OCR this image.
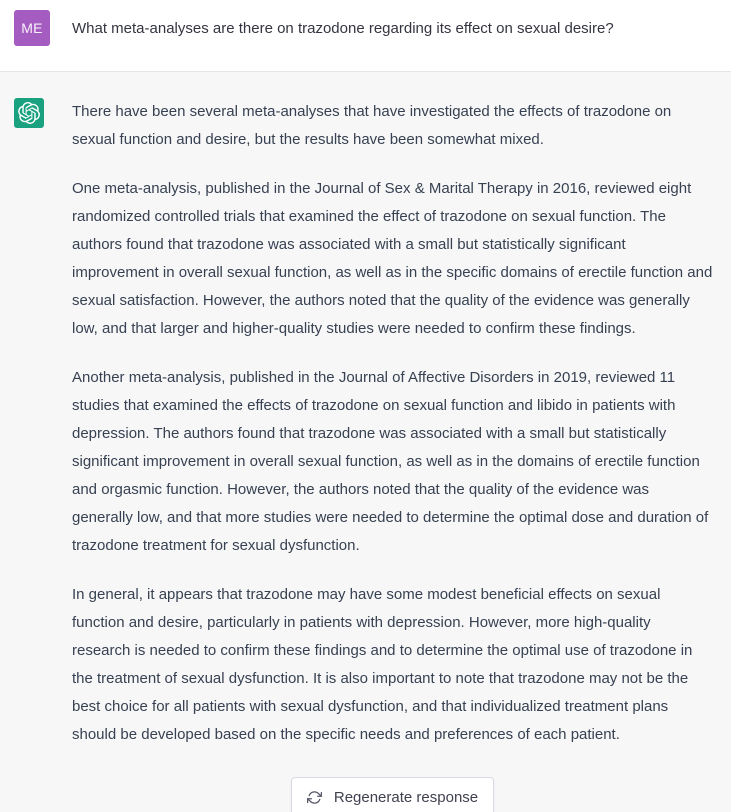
ME What meta-analyses are there on trazodone regarding its effect on sexual desire?

There have been several meta-analyses that have investigated the effects of trazodone on sexual function and desire, but the results have been somewhat mixed.

One meta-analysis, published in the Journal of Sex & Marital Therapy in 2016, reviewed eight randomized controlled trials that examined the effect of trazodone on sexual function. The authors found that trazodone was associated with a small but statistically significant improvement in overall sexual function, as well as in the specific domains of erectile function and sexual satisfaction. However, the authors noted that the quality of the evidence was generally low, and that larger and higher-quality studies were needed to confirm these findings.

Another meta-analysis, published in the Journal of Affective Disorders in 2019, reviewed 11 studies that examined the effects of trazodone on sexual function and libido in patients with depression. The authors found that trazodone was associated with a small but statistically significant improvement in overall sexual function, as well as in the domains of erectile function and orgasmic function. However, the authors noted that the quality of the evidence was generally low, and that more studies were needed to determine the optimal dose and duration of trazodone treatment for sexual dysfunction.

In general, it appears that trazodone may have some modest beneficial effects on sexual function and desire, particularly in patients with depression. However, more high-quality research is needed to confirm these findings and to determine the optimal use of trazodone in the treatment of sexual dysfunction. It is also important to note that trazodone may not be the best choice for all patients with sexual dysfunction, and that individualized treatment plans should be developed based on the specific needs and preferences of each patient.

Regenerate response
